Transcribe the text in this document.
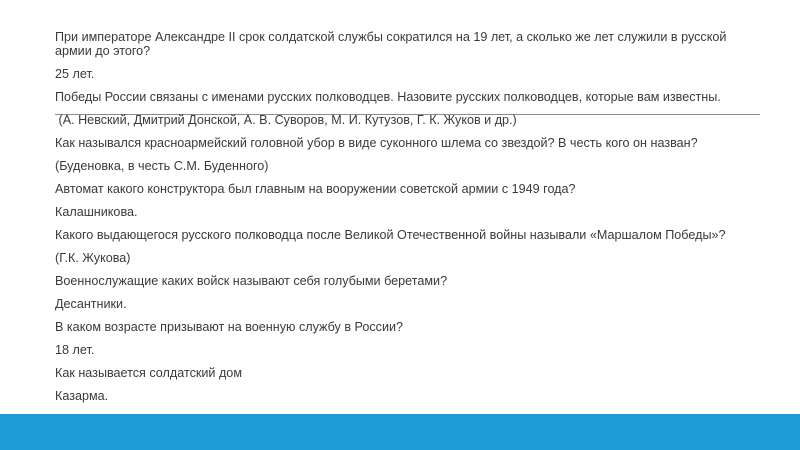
При императоре Александре II срок солдатской службы сократился на 19 лет, а сколько же лет служили в русской армии до этого?

25 лет.

Победы России связаны с именами русских полководцев. Назовите русских полководцев, которые вам известны.

(А. Невский, Дмитрий Донской, А. В. Суворов, М. И. Кутузов, Г. К. Жуков и др.)

Как назывался красноармейский головной убор в виде суконного шлема со звездой? В честь кого он назван?

(Буденовка, в честь С.М. Буденного)

Автомат какого конструктора был главным на вооружении советской армии с 1949 года?

Калашникова.

Какого выдающегося русского полководца после Великой Отечественной войны называли «Маршалом Победы»?

(Г.К. Жукова)

Военнослужащие каких войск называют себя голубыми беретами?

Десантники.

В каком возрасте призывают на военную службу в России?

18 лет.

Как называется солдатский дом

Казарма.
